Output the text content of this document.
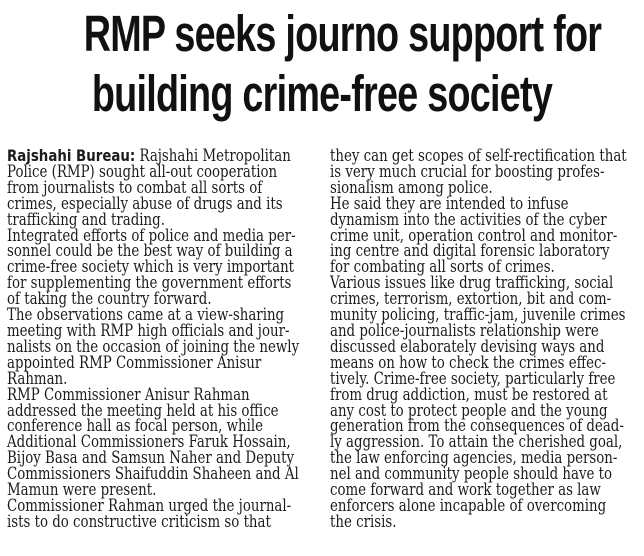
RMP seeks journo support for
building crime-free society

Rajshahi Bureau: Rajshahi Metropolitan

Police (RMP) sought all-out cooperation

from journalists to combat all sorts of

crimes, especially abuse of drugs and its

trafficking and trading.

Integrated efforts of police and media per-

sonnel could be the best way of building a

crime-free society which is very important

for supplementing the government efforts

of taking the country forward.

The observations came at a view-sharing

meeting with RMP high officials and jour-

nalists on the occasion of joining the newly

appointed RMP Commissioner Anisur

Rahman.

RMP Commissioner Anisur Rahman

addressed the meeting held at his office

conference hall as focal person, while

Additional Commissioners Faruk Hossain,

Bijoy Basa and Samsun Naher and Deputy

Commissioners Shaifuddin Shaheen and Al

Mamun were present.

Commissioner Rahman urged the journal-

ists to do constructive criticism so that

they can get scopes of self-rectification that

is very much crucial for boosting profes-

sionalism among police.

He said they are intended to infuse

dynamism into the activities of the cyber

crime unit, operation control and monitor-

ing centre and digital forensic laboratory

for combating all sorts of crimes.

Various issues like drug trafficking, social

crimes, terrorism, extortion, bit and com-

munity policing, traffic-jam, juvenile crimes

and police-journalists relationship were

discussed elaborately devising ways and

means on how to check the crimes effec-

tively. Crime-free society, particularly free

from drug addiction, must be restored at

any cost to protect people and the young

generation from the consequences of dead-

ly aggression. To attain the cherished goal,

the law enforcing agencies, media person-

nel and community people should have to

come forward and work together as law

enforcers alone incapable of overcoming

the crisis.
